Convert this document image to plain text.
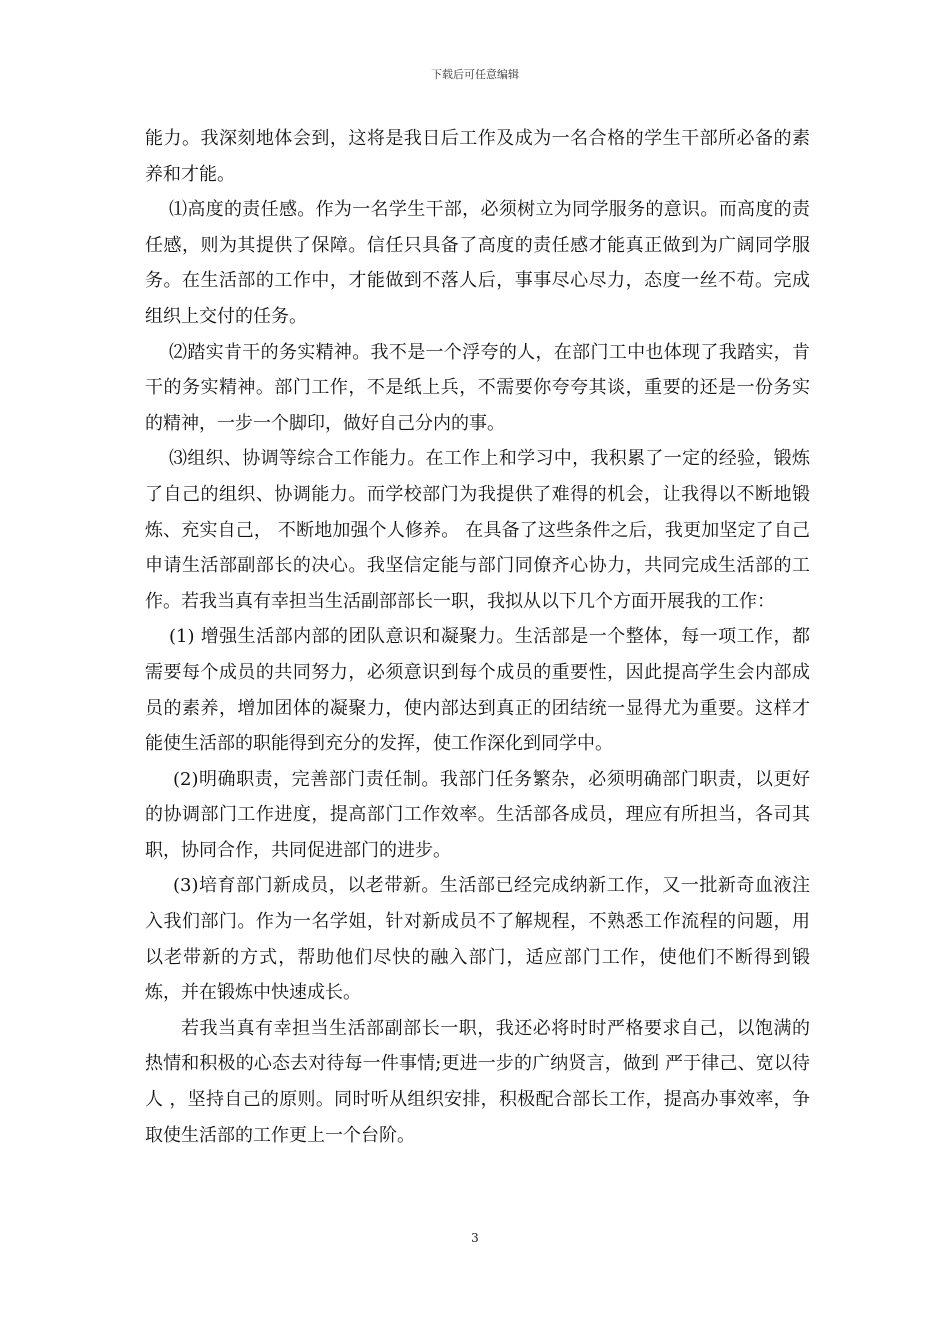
下载后可任意编辑

能力。我深刻地体会到，这将是我日后工作及成为一名合格的学生干部所必备的素养和才能。

⑴高度的责任感。作为一名学生干部，必须树立为同学服务的意识。而高度的责任感，则为其提供了保障。信任只具备了高度的责任感才能真正做到为广阔同学服务。在生活部的工作中，才能做到不落人后，事事尽心尽力，态度一丝不苟。完成组织上交付的任务。

⑵踏实肯干的务实精神。我不是一个浮夸的人，在部门工中也体现了我踏实，肯干的务实精神。部门工作，不是纸上兵，不需要你夸夸其谈，重要的还是一份务实的精神，一步一个脚印，做好自己分内的事。

⑶组织、协调等综合工作能力。在工作上和学习中，我积累了一定的经验，锻炼了自己的组织、协调能力。而学校部门为我提供了难得的机会，让我得以不断地锻炼、充实自己， 不断地加强个人修养。 在具备了这些条件之后，我更加坚定了自己申请生活部副部长的决心。我坚信定能与部门同僚齐心协力，共同完成生活部的工作。若我当真有幸担当生活副部部长一职，我拟从以下几个方面开展我的工作：

(1) 增强生活部内部的团队意识和凝聚力。生活部是一个整体，每一项工作，都需要每个成员的共同努力，必须意识到每个成员的重要性，因此提高学生会内部成员的素养，增加团体的凝聚力，使内部达到真正的团结统一显得尤为重要。这样才能使生活部的职能得到充分的发挥，使工作深化到同学中。

(2)明确职责，完善部门责任制。我部门任务繁杂，必须明确部门职责，以更好的协调部门工作进度，提高部门工作效率。生活部各成员，理应有所担当，各司其职，协同合作，共同促进部门的进步。

(3)培育部门新成员，以老带新。生活部已经完成纳新工作，又一批新奇血液注入我们部门。作为一名学姐，针对新成员不了解规程，不熟悉工作流程的问题，用以老带新的方式，帮助他们尽快的融入部门，适应部门工作，使他们不断得到锻炼，并在锻炼中快速成长。

若我当真有幸担当生活部副部长一职，我还必将时时严格要求自己，以饱满的热情和积极的心态去对待每一件事情;更进一步的广纳贤言，做到 严于律己、宽以待人 ，坚持自己的原则。同时听从组织安排，积极配合部长工作，提高办事效率，争取使生活部的工作更上一个台阶。

3
